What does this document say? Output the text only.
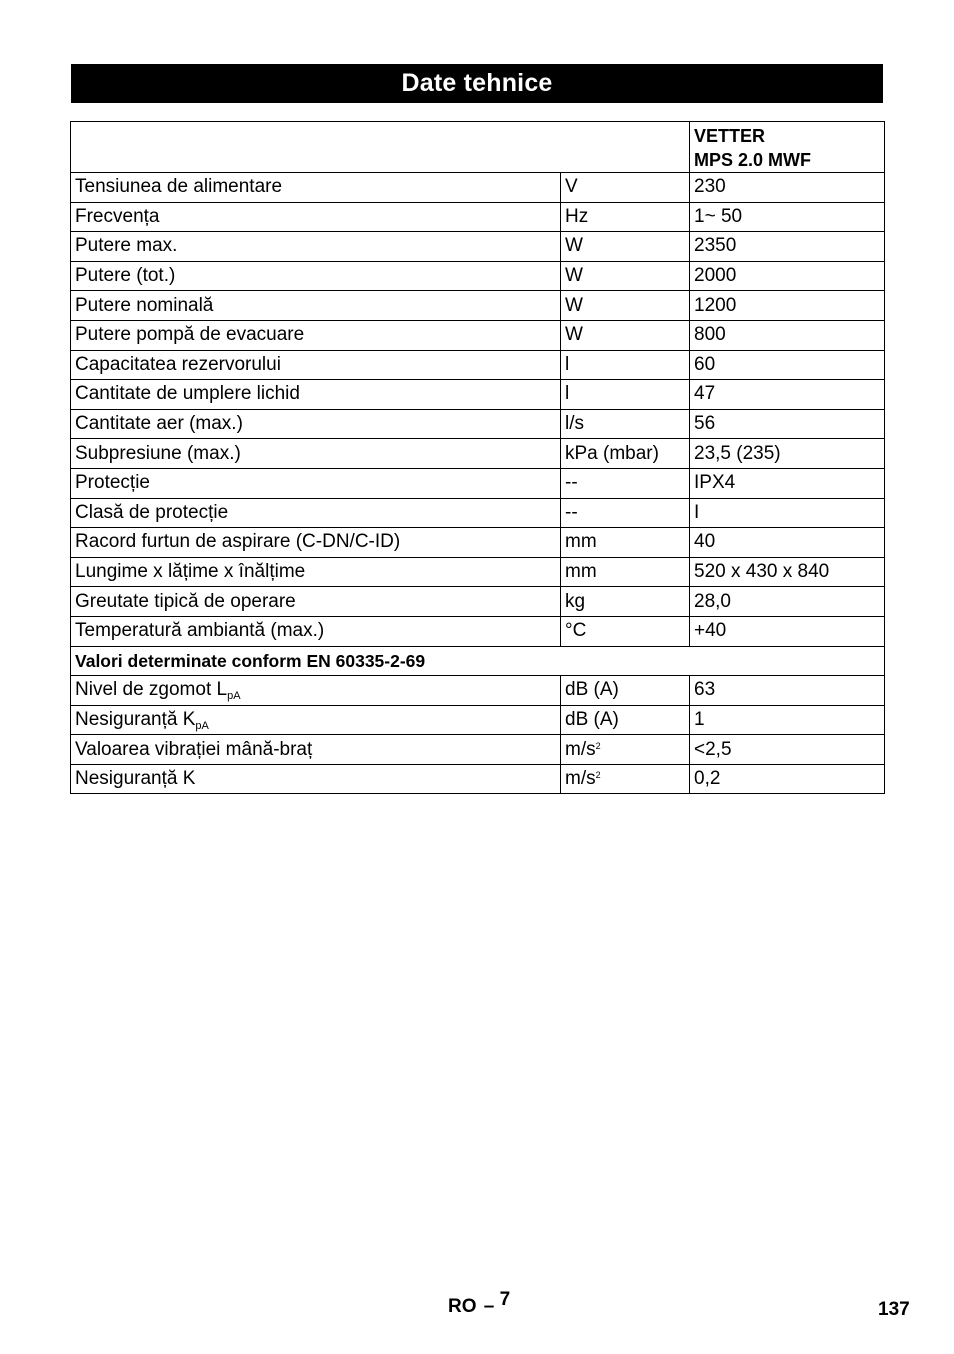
Date tehnice

		VETTER
MPS 2.0 MWF

Tensiunea de alimentare	V	230
Frecvența	Hz	1~ 50
Putere max.	W	2350
Putere (tot.)	W	2000
Putere nominală	W	1200
Putere pompă de evacuare	W	800
Capacitatea rezervorului	l	60
Cantitate de umplere lichid	l	47
Cantitate aer (max.)	l/s	56
Subpresiune (max.)	kPa (mbar)	23,5 (235)
Protecție	--	IPX4
Clasă de protecție	--	I
Racord furtun de aspirare (C-DN/C-ID)	mm	40
Lungime x lățime x înălțime	mm	520 x 430 x 840
Greutate tipică de operare	kg	28,0
Temperatură ambiantă (max.)	°C	+40
Valori determinate conform EN 60335-2-69		
Nivel de zgomot $L_{pA}$	dB (A)	63
Nesiguranță $K_{pA}$	dB (A)	1
Valoarea vibrației mână-braț	$m/s^2$	<2,5
Nesiguranță K	$m/s^2$	0,2
RO – 7	137
